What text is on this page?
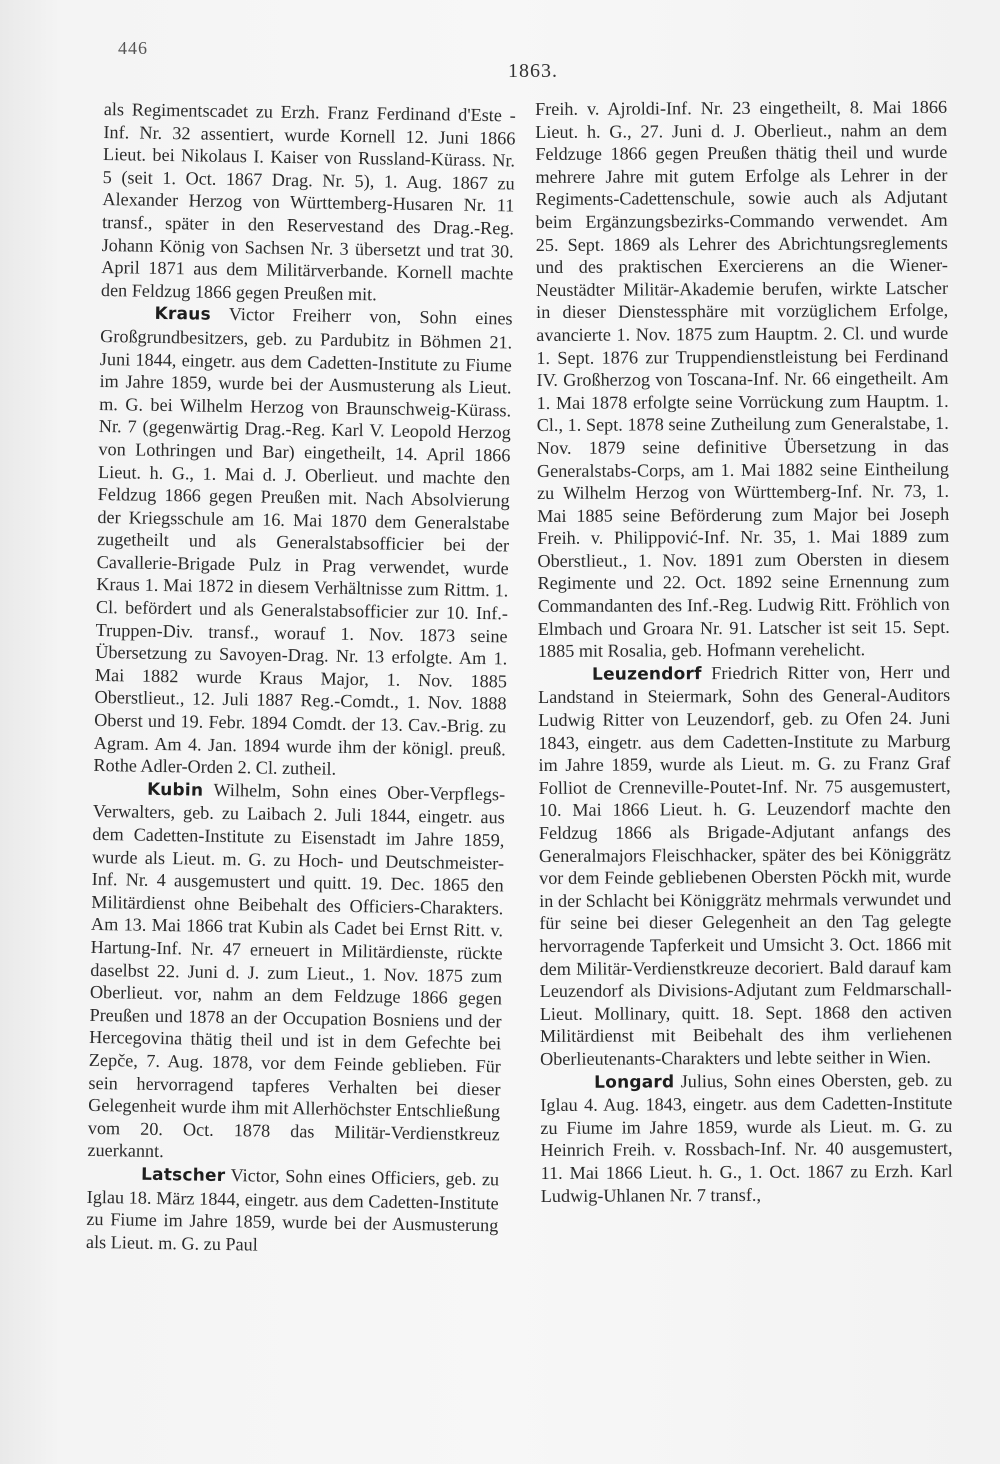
446
1863.

als Regimentscadet zu Erzh. Franz Ferdinand d'Este - Inf. Nr. 32 assentiert, wurde Kornell 12. Juni 1866 Lieut. bei Nikolaus I. Kaiser von Russland-Kürass. Nr. 5 (seit 1. Oct. 1867 Drag. Nr. 5), 1. Aug. 1867 zu Alexander Herzog von Württemberg-Husaren Nr. 11 transf., später in den Reservestand des Drag.-Reg. Johann König von Sachsen Nr. 3 übersetzt und trat 30. April 1871 aus dem Militärverbande. Kornell machte den Feldzug 1866 gegen Preußen mit.

Kraus Victor Freiherr von, Sohn eines Großgrundbesitzers, geb. zu Pardubitz in Böhmen 21. Juni 1844, eingetr. aus dem Cadetten-Institute zu Fiume im Jahre 1859, wurde bei der Ausmusterung als Lieut. m. G. bei Wilhelm Herzog von Braunschweig-Kürass. Nr. 7 (gegenwärtig Drag.-Reg. Karl V. Leopold Herzog von Lothringen und Bar) eingetheilt, 14. April 1866 Lieut. h. G., 1. Mai d. J. Oberlieut. und machte den Feldzug 1866 gegen Preußen mit. Nach Absolvierung der Kriegsschule am 16. Mai 1870 dem Generalstabe zugetheilt und als Generalstabsofficier bei der Cavallerie-Brigade Pulz in Prag verwendet, wurde Kraus 1. Mai 1872 in diesem Verhältnisse zum Rittm. 1. Cl. befördert und als Generalstabsofficier zur 10. Inf.-Truppen-Div. transf., worauf 1. Nov. 1873 seine Übersetzung zu Savoyen-Drag. Nr. 13 erfolgte. Am 1. Mai 1882 wurde Kraus Major, 1. Nov. 1885 Oberstlieut., 12. Juli 1887 Reg.-Comdt., 1. Nov. 1888 Oberst und 19. Febr. 1894 Comdt. der 13. Cav.-Brig. zu Agram. Am 4. Jan. 1894 wurde ihm der königl. preuß. Rothe Adler-Orden 2. Cl. zutheil.

Kubin Wilhelm, Sohn eines Ober-Verpflegs-Verwalters, geb. zu Laibach 2. Juli 1844, eingetr. aus dem Cadetten-Institute zu Eisenstadt im Jahre 1859, wurde als Lieut. m. G. zu Hoch- und Deutschmeister-Inf. Nr. 4 ausgemustert und quitt. 19. Dec. 1865 den Militärdienst ohne Beibehalt des Officiers-Charakters. Am 13. Mai 1866 trat Kubin als Cadet bei Ernst Ritt. v. Hartung-Inf. Nr. 47 erneuert in Militärdienste, rückte daselbst 22. Juni d. J. zum Lieut., 1. Nov. 1875 zum Oberlieut. vor, nahm an dem Feldzuge 1866 gegen Preußen und 1878 an der Occupation Bosniens und der Hercegovina thätig theil und ist in dem Gefechte bei Zepče, 7. Aug. 1878, vor dem Feinde geblieben. Für sein hervorragend tapferes Verhalten bei dieser Gelegenheit wurde ihm mit Allerhöchster Entschließung vom 20. Oct. 1878 das Militär-Verdienstkreuz zuerkannt.

Latscher Victor, Sohn eines Officiers, geb. zu Iglau 18. März 1844, eingetr. aus dem Cadetten-Institute zu Fiume im Jahre 1859, wurde bei der Ausmusterung als Lieut. m. G. zu Paul

Freih. v. Ajroldi-Inf. Nr. 23 eingetheilt, 8. Mai 1866 Lieut. h. G., 27. Juni d. J. Oberlieut., nahm an dem Feldzuge 1866 gegen Preußen thätig theil und wurde mehrere Jahre mit gutem Erfolge als Lehrer in der Regiments-Cadettenschule, sowie auch als Adjutant beim Ergänzungsbezirks-Commando verwendet. Am 25. Sept. 1869 als Lehrer des Abrichtungsreglements und des praktischen Exercierens an die Wiener-Neustädter Militär-Akademie berufen, wirkte Latscher in dieser Dienstessphäre mit vorzüglichem Erfolge, avancierte 1. Nov. 1875 zum Hauptm. 2. Cl. und wurde 1. Sept. 1876 zur Truppendienstleistung bei Ferdinand IV. Großherzog von Toscana-Inf. Nr. 66 eingetheilt. Am 1. Mai 1878 erfolgte seine Vorrückung zum Hauptm. 1. Cl., 1. Sept. 1878 seine Zutheilung zum Generalstabe, 1. Nov. 1879 seine definitive Übersetzung in das Generalstabs-Corps, am 1. Mai 1882 seine Eintheilung zu Wilhelm Herzog von Württemberg-Inf. Nr. 73, 1. Mai 1885 seine Beförderung zum Major bei Joseph Freih. v. Philippović-Inf. Nr. 35, 1. Mai 1889 zum Oberstlieut., 1. Nov. 1891 zum Obersten in diesem Regimente und 22. Oct. 1892 seine Ernennung zum Commandanten des Inf.-Reg. Ludwig Ritt. Fröhlich von Elmbach und Groara Nr. 91. Latscher ist seit 15. Sept. 1885 mit Rosalia, geb. Hofmann verehelicht.

Leuzendorf Friedrich Ritter von, Herr und Landstand in Steiermark, Sohn des General-Auditors Ludwig Ritter von Leuzendorf, geb. zu Ofen 24. Juni 1843, eingetr. aus dem Cadetten-Institute zu Marburg im Jahre 1859, wurde als Lieut. m. G. zu Franz Graf Folliot de Crenneville-Poutet-Inf. Nr. 75 ausgemustert, 10. Mai 1866 Lieut. h. G. Leuzendorf machte den Feldzug 1866 als Brigade-Adjutant anfangs des Generalmajors Fleischhacker, später des bei Königgrätz vor dem Feinde gebliebenen Obersten Pöckh mit, wurde in der Schlacht bei Königgrätz mehrmals verwundet und für seine bei dieser Gelegenheit an den Tag gelegte hervorragende Tapferkeit und Umsicht 3. Oct. 1866 mit dem Militär-Verdienstkreuze decoriert. Bald darauf kam Leuzendorf als Divisions-Adjutant zum Feldmarschall-Lieut. Mollinary, quitt. 18. Sept. 1868 den activen Militärdienst mit Beibehalt des ihm verliehenen Oberlieutenants-Charakters und lebte seither in Wien.

Longard Julius, Sohn eines Obersten, geb. zu Iglau 4. Aug. 1843, eingetr. aus dem Cadetten-Institute zu Fiume im Jahre 1859, wurde als Lieut. m. G. zu Heinrich Freih. v. Rossbach-Inf. Nr. 40 ausgemustert, 11. Mai 1866 Lieut. h. G., 1. Oct. 1867 zu Erzh. Karl Ludwig-Uhlanen Nr. 7 transf.,
